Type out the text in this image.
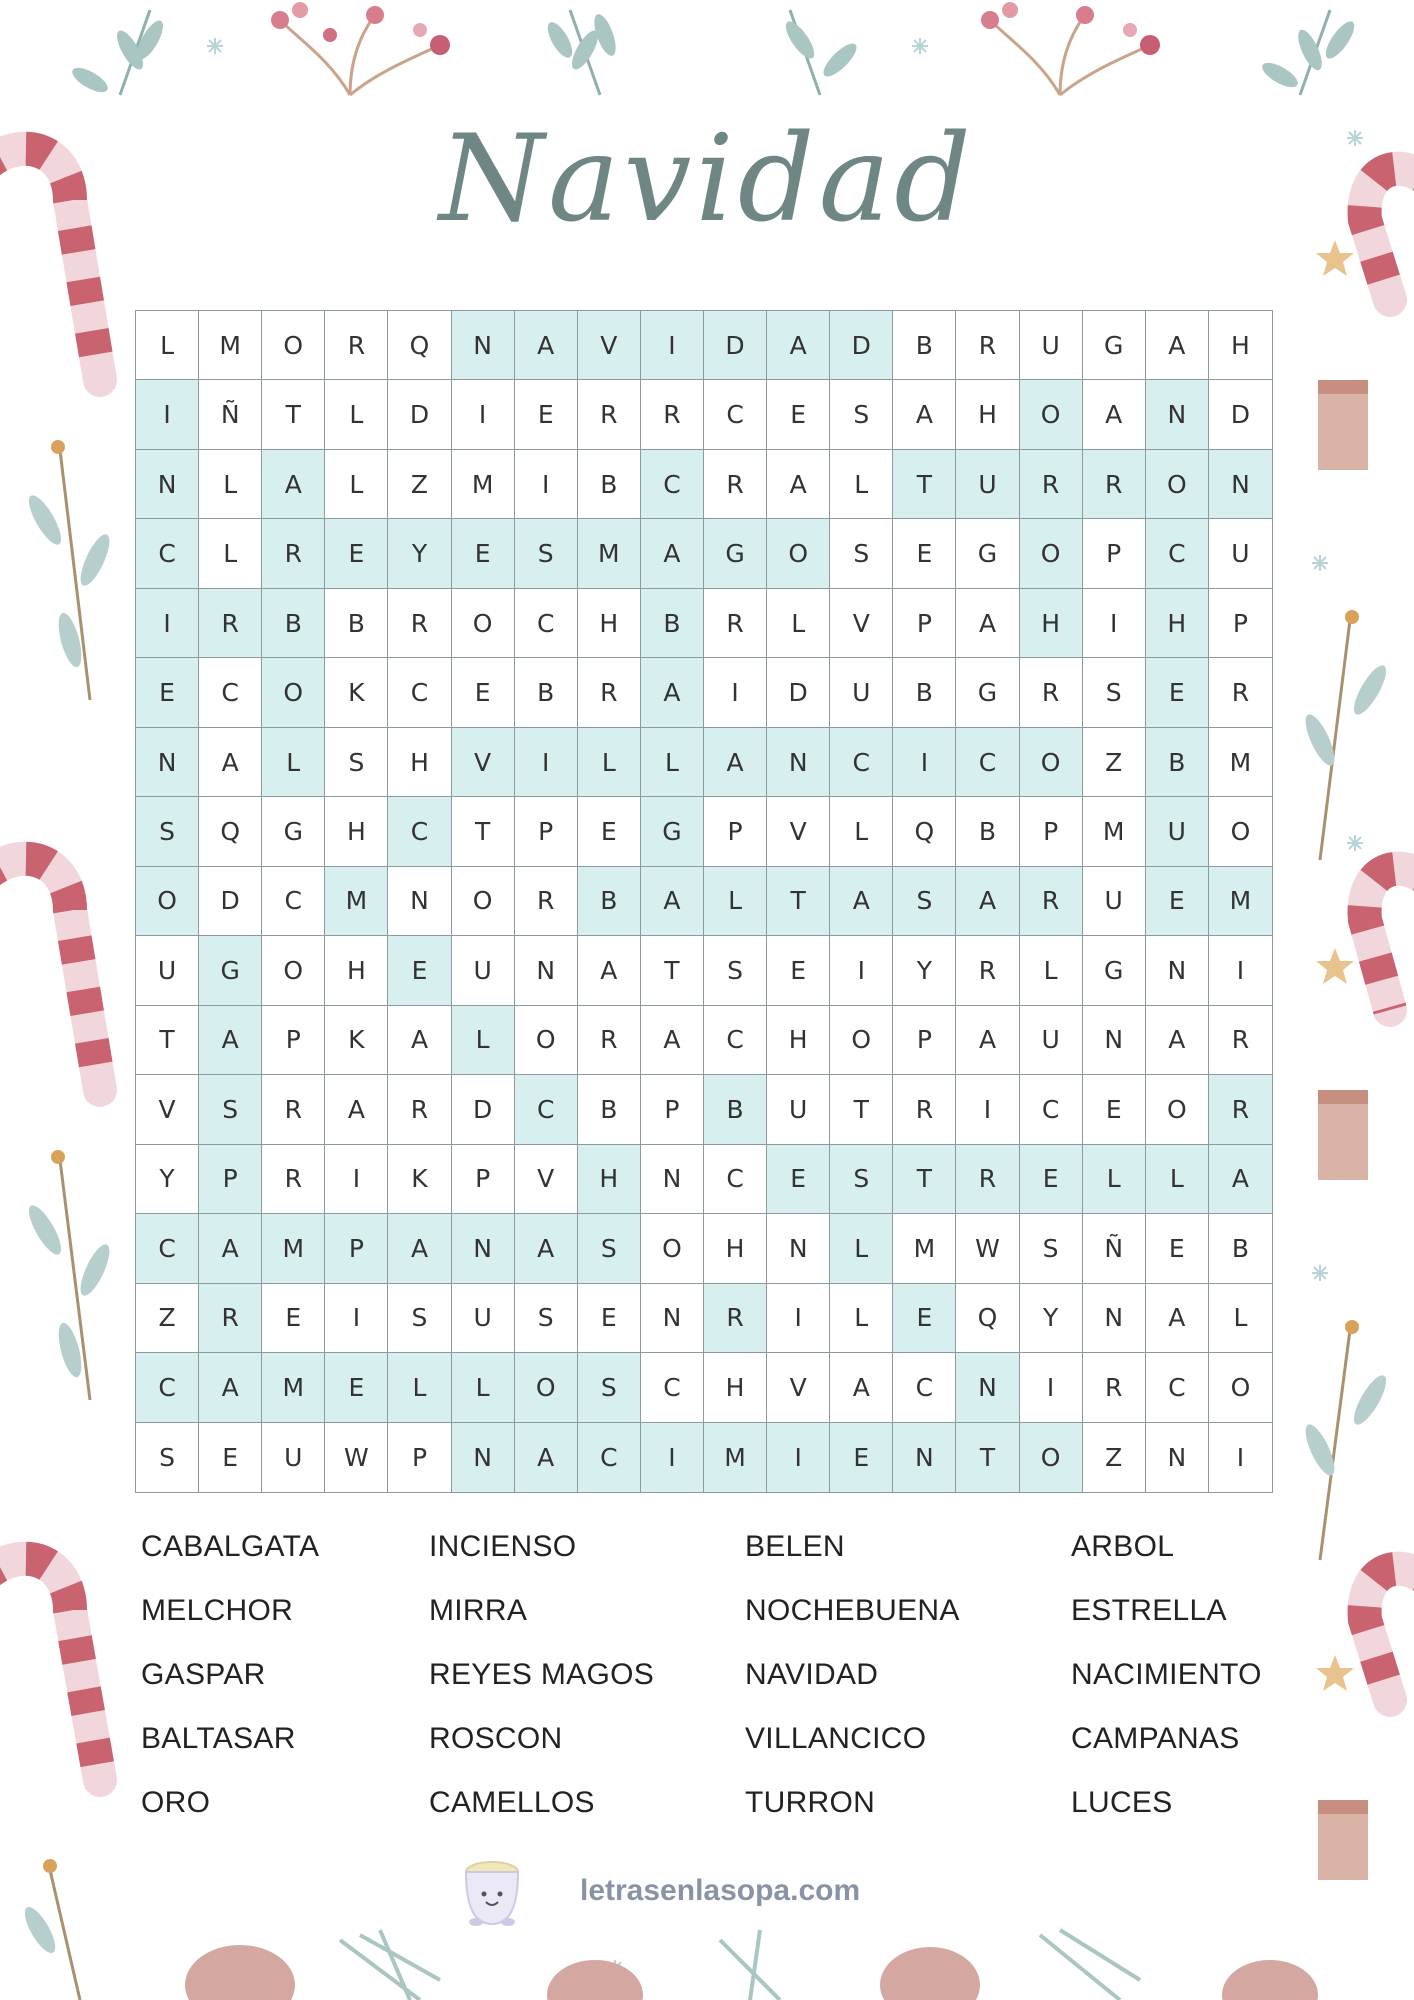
Navidad
L	M	O	R	Q	N	A	V	I	D	A	D	B	R	U	G	A	H
I	Ñ	T	L	D	I	E	R	R	C	E	S	A	H	O	A	N	D
N	L	A	L	Z	M	I	B	C	R	A	L	T	U	R	R	O	N
C	L	R	E	Y	E	S	M	A	G	O	S	E	G	O	P	C	U
I	R	B	B	R	O	C	H	B	R	L	V	P	A	H	I	H	P
E	C	O	K	C	E	B	R	A	I	D	U	B	G	R	S	E	R
N	A	L	S	H	V	I	L	L	A	N	C	I	C	O	Z	B	M
S	Q	G	H	C	T	P	E	G	P	V	L	Q	B	P	M	U	O
O	D	C	M	N	O	R	B	A	L	T	A	S	A	R	U	E	M
U	G	O	H	E	U	N	A	T	S	E	I	Y	R	L	G	N	I
T	A	P	K	A	L	O	R	A	C	H	O	P	A	U	N	A	R
V	S	R	A	R	D	C	B	P	B	U	T	R	I	C	E	O	R
Y	P	R	I	K	P	V	H	N	C	E	S	T	R	E	L	L	A
C	A	M	P	A	N	A	S	O	H	N	L	M	W	S	Ñ	E	B
Z	R	E	I	S	U	S	E	N	R	I	L	E	Q	Y	N	A	L
C	A	M	E	L	L	O	S	C	H	V	A	C	N	I	R	C	O
S	E	U	W	P	N	A	C	I	M	I	E	N	T	O	Z	N	I
CABALGATA	INCIENSO	BELEN	ARBOL
MELCHOR	MIRRA	NOCHEBUENA	ESTRELLA
GASPAR	REYES MAGOS	NAVIDAD	NACIMIENTO
BALTASAR	ROSCON	VILLANCICO	CAMPANAS
ORO	CAMELLOS	TURRON	LUCES
letrasenlasopa.com
